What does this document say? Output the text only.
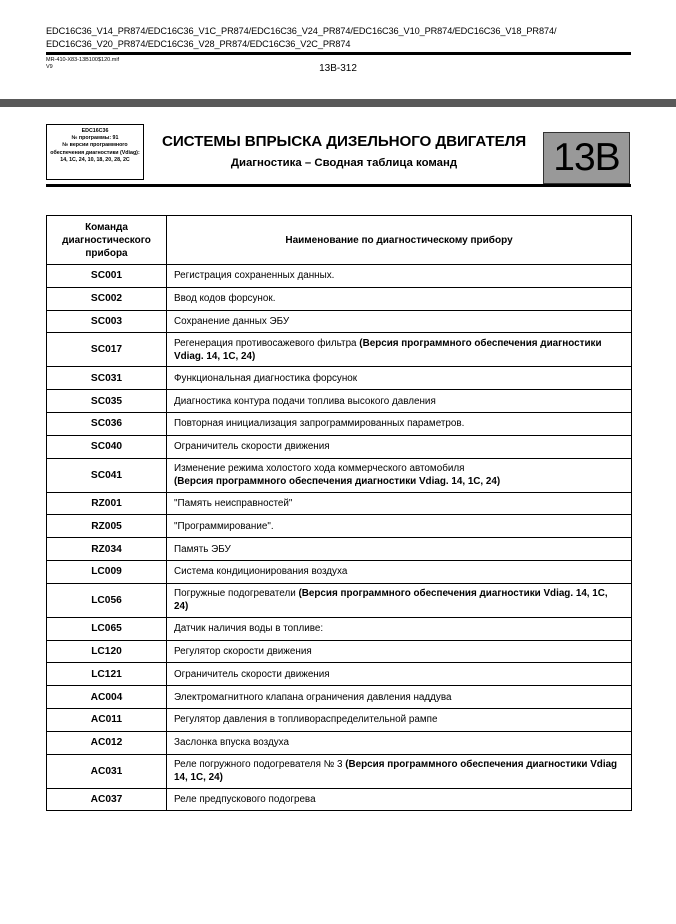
EDC16C36_V14_PR874/EDC16C36_V1C_PR874/EDC16C36_V24_PR874/EDC16C36_V10_PR874/EDC16C36_V18_PR874/ EDC16C36_V20_PR874/EDC16C36_V28_PR874/EDC16C36_V2C_PR874
MR-410-X83-13B100$120.mif
V9	13B-312
EDC16C36
№ программы: 91
№ версии программного обеспечения диагностики (Vdiag): 14, 1C, 24, 10, 18, 20, 28, 2C
СИСТЕМЫ ВПРЫСКА ДИЗЕЛЬНОГО ДВИГАТЕЛЯ
Диагностика – Сводная таблица команд	13B
Команда диагностического прибора	Наименование по диагностическому прибору
SC001	Регистрация сохраненных данных.
SC002	Ввод кодов форсунок.
SC003	Сохранение данных ЭБУ
SC017	Регенерация противосажевого фильтра (Версия программного обеспечения диагностики Vdiag. 14, 1C, 24)
SC031	Функциональная диагностика форсунок
SC035	Диагностика контура подачи топлива высокого давления
SC036	Повторная инициализация запрограммированных параметров.
SC040	Ограничитель скорости движения
SC041	Изменение режима холостого хода коммерческого автомобиля
(Версия программного обеспечения диагностики Vdiag. 14, 1C, 24)
RZ001	"Память неисправностей"
RZ005	"Программирование".
RZ034	Память ЭБУ
LC009	Система кондиционирования воздуха
LC056	Погружные подогреватели (Версия программного обеспечения диагностики Vdiag. 14, 1C, 24)
LC065	Датчик наличия воды в топливе:
LC120	Регулятор скорости движения
LC121	Ограничитель скорости движения
AC004	Электромагнитного клапана ограничения давления наддува
AC011	Регулятор давления в топливораспределительной рампе
AC012	Заслонка впуска воздуха
AC031	Реле погружного подогревателя № 3 (Версия программного обеспечения диагностики Vdiag 14, 1C, 24)
AC037	Реле предпускового подогрева
